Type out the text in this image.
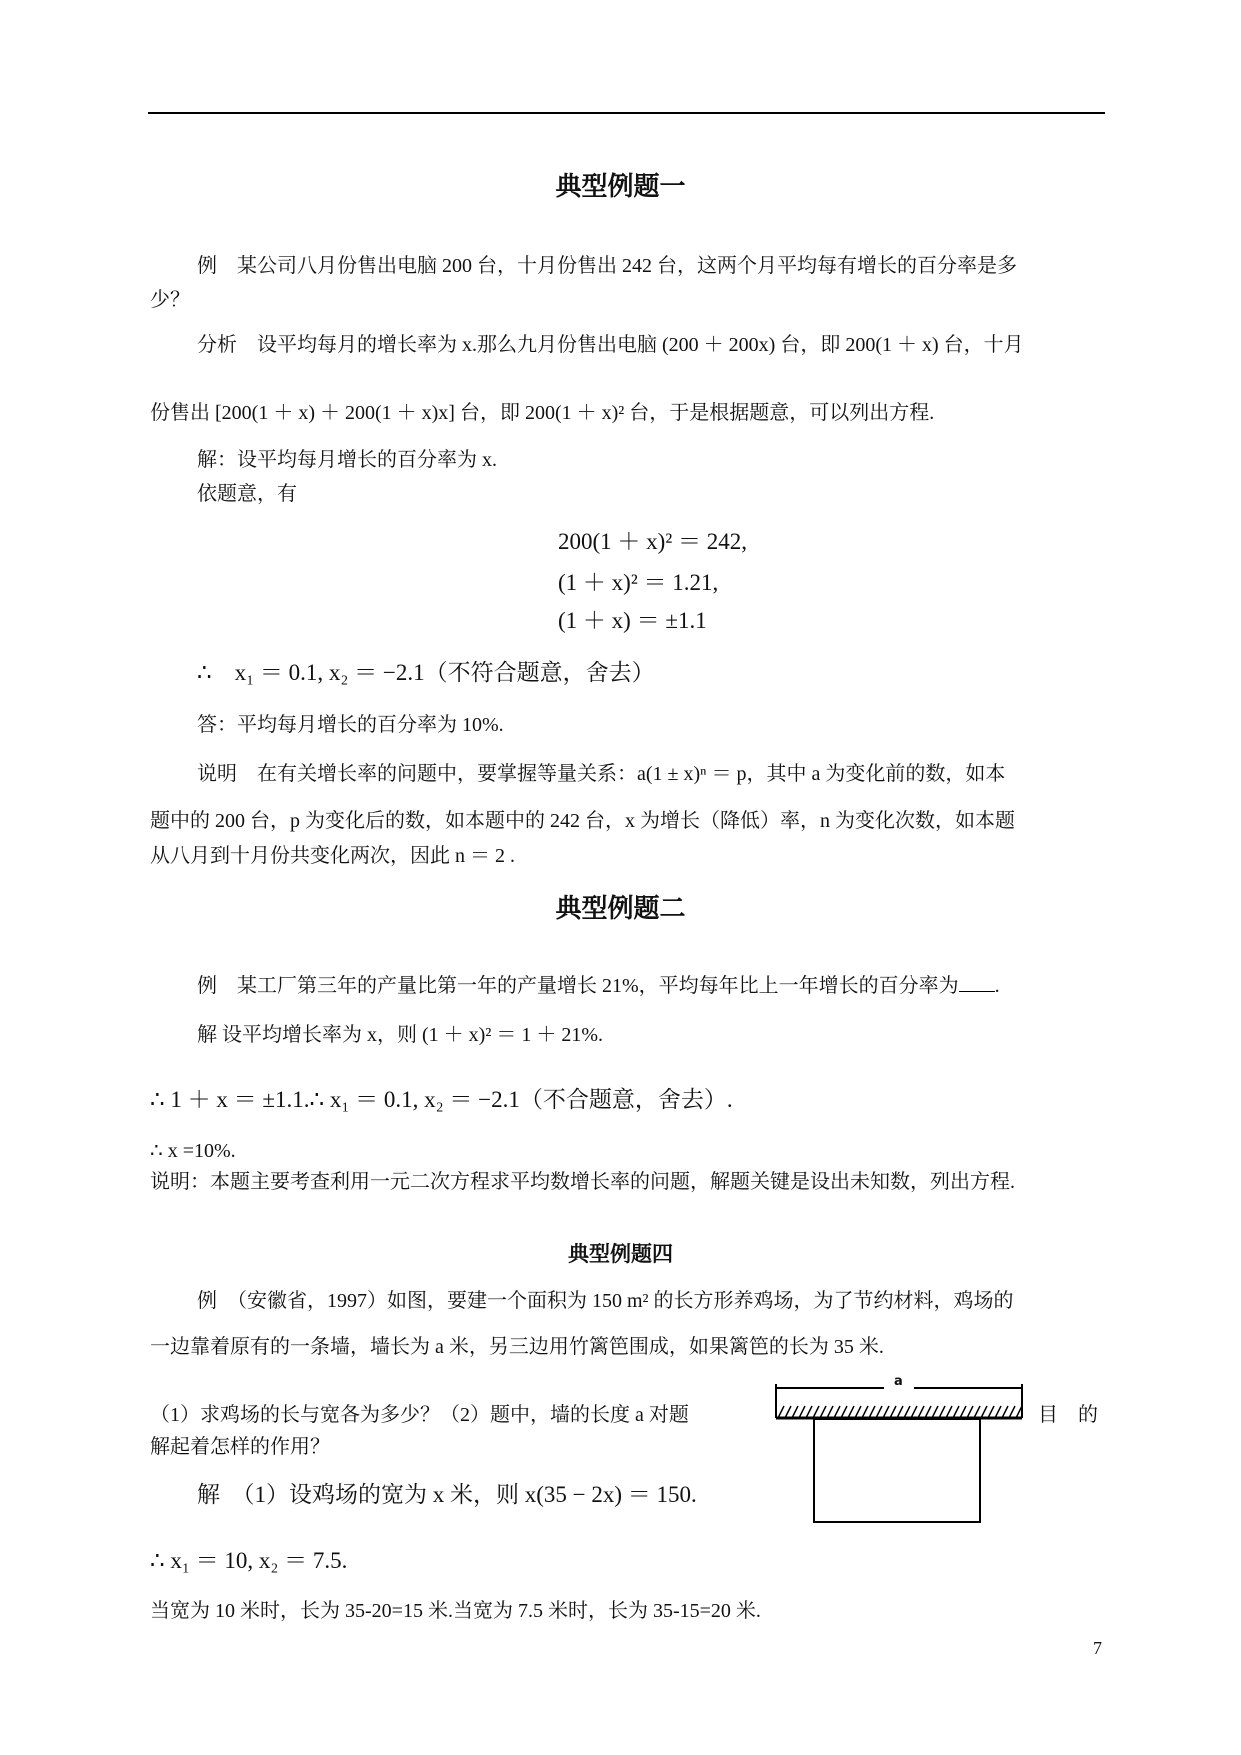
典型例题一
例　某公司八月份售出电脑 200 台，十月份售出 242 台，这两个月平均每有增长的百分率是多
少？
分析　设平均每月的增长率为 x.那么九月份售出电脑 (200 ＋ 200x) 台，即 200(1 ＋ x) 台，十月
份售出 [200(1 ＋ x) ＋ 200(1 ＋ x)x] 台，即 200(1 ＋ x)² 台，于是根据题意，可以列出方程.
解：设平均每月增长的百分率为 x.
依题意，有
200(1 ＋ x)² ＝ 242,
(1 ＋ x)² ＝ 1.21,
(1 ＋ x) ＝ ±1.1
∴　x₁ ＝ 0.1, x₂ ＝ −2.1（不符合题意，舍去）
答：平均每月增长的百分率为 10%.
说明　在有关增长率的问题中，要掌握等量关系：a(1 ± x)ⁿ ＝ p，其中 a 为变化前的数，如本
题中的 200 台，p 为变化后的数，如本题中的 242 台，x 为增长（降低）率，n 为变化次数，如本题
从八月到十月份共变化两次，因此 n ＝ 2 .
典型例题二
例　某工厂第三年的产量比第一年的产量增长 21%，平均每年比上一年增长的百分率为 .
解 设平均增长率为 x，则 (1 ＋ x)² ＝ 1 ＋ 21%.
∴ 1 ＋ x ＝ ±1.1.∴ x₁ ＝ 0.1, x₂ ＝ −2.1（不合题意，舍去）.
∴ x =10%.
说明：本题主要考查利用一元二次方程求平均数增长率的问题，解题关键是设出未知数，列出方程.
典型例题四
例　（安徽省，1997）如图，要建一个面积为 150 m² 的长方形养鸡场，为了节约材料，鸡场的
一边靠着原有的一条墙，墙长为 a 米，另三边用竹篱笆围成，如果篱笆的长为 35 米.
（1）求鸡场的长与宽各为多少？（2）题中，墙的长度 a 对题	目　的
解起着怎样的作用？
解　（1）设鸡场的宽为 x 米，则 x(35 − 2x) ＝ 150.
∴ x₁ ＝ 10, x₂ ＝ 7.5.
当宽为 10 米时，长为 35-20=15 米.当宽为 7.5 米时，长为 35-15=20 米.
a
7
